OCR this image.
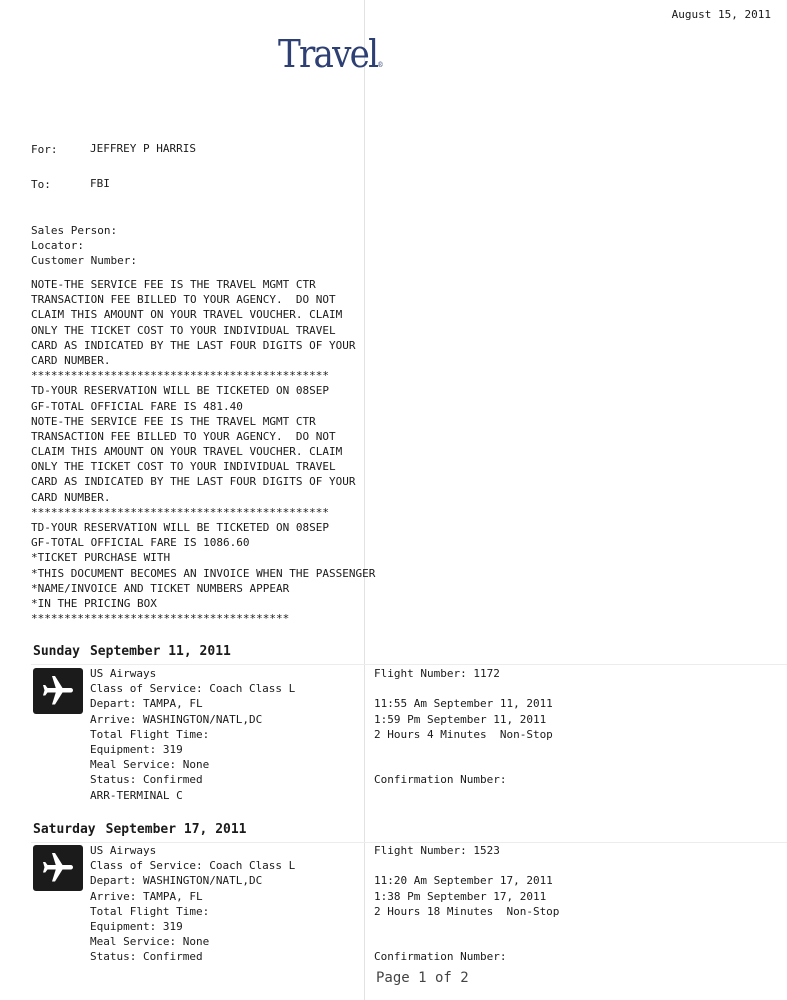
August 15, 2011
Travel®
For:	JEFFREY P HARRIS
To:	FBI
Sales Person:
Locator:
Customer Number:
NOTE-THE SERVICE FEE IS THE TRAVEL MGMT CTR
TRANSACTION FEE BILLED TO YOUR AGENCY.  DO NOT
CLAIM THIS AMOUNT ON YOUR TRAVEL VOUCHER. CLAIM
ONLY THE TICKET COST TO YOUR INDIVIDUAL TRAVEL
CARD AS INDICATED BY THE LAST FOUR DIGITS OF YOUR
CARD NUMBER.
*********************************************
TD-YOUR RESERVATION WILL BE TICKETED ON 08SEP
GF-TOTAL OFFICIAL FARE IS 481.40
NOTE-THE SERVICE FEE IS THE TRAVEL MGMT CTR
TRANSACTION FEE BILLED TO YOUR AGENCY.  DO NOT
CLAIM THIS AMOUNT ON YOUR TRAVEL VOUCHER. CLAIM
ONLY THE TICKET COST TO YOUR INDIVIDUAL TRAVEL
CARD AS INDICATED BY THE LAST FOUR DIGITS OF YOUR
CARD NUMBER.
*********************************************
TD-YOUR RESERVATION WILL BE TICKETED ON 08SEP
GF-TOTAL OFFICIAL FARE IS 1086.60
*TICKET PURCHASE WITH
*THIS DOCUMENT BECOMES AN INVOICE WHEN THE PASSENGER
*NAME/INVOICE AND TICKET NUMBERS APPEAR
*IN THE PRICING BOX
***************************************
Sunday September 11, 2011
US Airways
Class of Service: Coach Class L
Depart: TAMPA, FL
Arrive: WASHINGTON/NATL,DC
Total Flight Time:
Equipment: 319
Meal Service: None
Status: Confirmed
ARR-TERMINAL C
Flight Number: 1172
11:55 Am September 11, 2011
1:59 Pm September 11, 2011
2 Hours 4 Minutes  Non-Stop
Confirmation Number:
Saturday September 17, 2011
US Airways
Class of Service: Coach Class L
Depart: WASHINGTON/NATL,DC
Arrive: TAMPA, FL
Total Flight Time:
Equipment: 319
Meal Service: None
Status: Confirmed
Flight Number: 1523
11:20 Am September 17, 2011
1:38 Pm September 17, 2011
2 Hours 18 Minutes  Non-Stop
Confirmation Number:
Page 1 of 2
